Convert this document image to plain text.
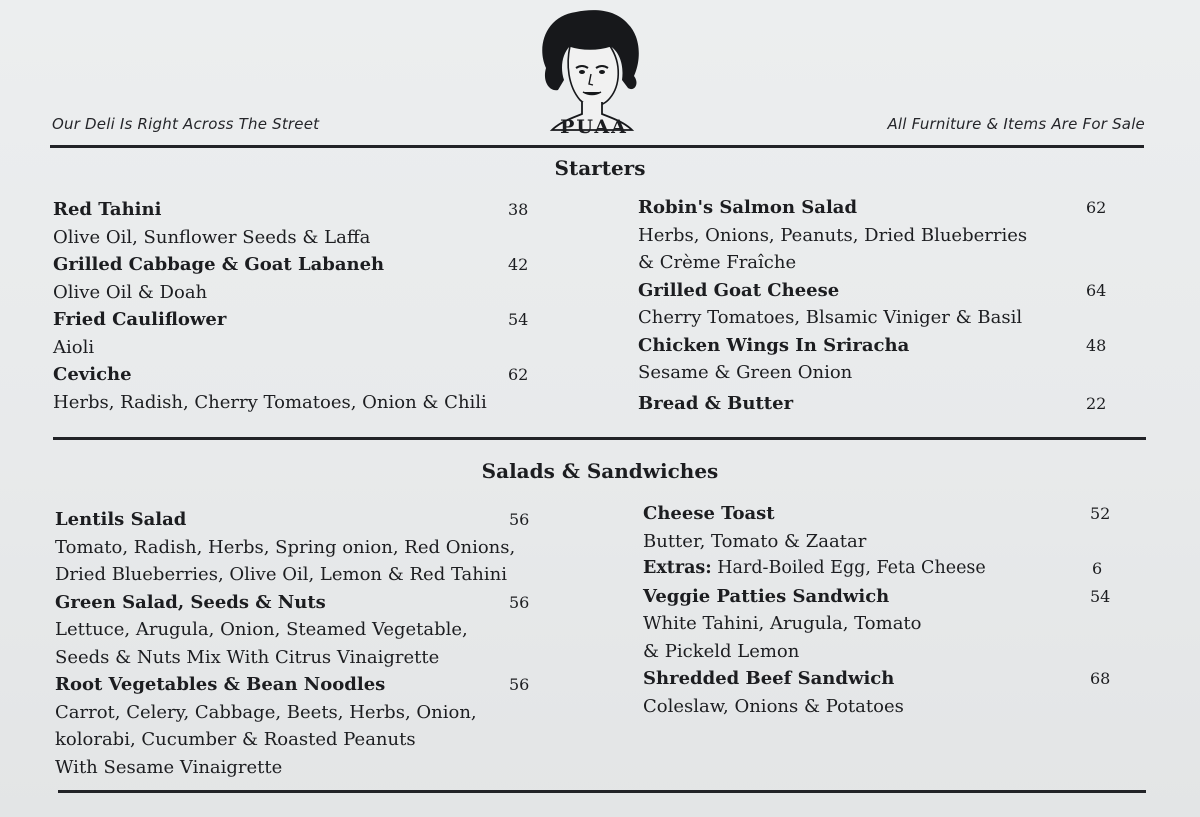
Our Deli Is Right Across The Street	PUAA	All Furniture & Items Are For Sale
Starters
Red Tahini	38
Olive Oil, Sunflower Seeds & Laffa
Grilled Cabbage & Goat Labaneh	42
Olive Oil & Doah
Fried Cauliflower	54
Aioli
Ceviche	62
Herbs, Radish, Cherry Tomatoes, Onion & Chili
Robin's Salmon Salad	62
Herbs, Onions, Peanuts, Dried Blueberries
& Crème Fraîche
Grilled Goat Cheese	64
Cherry Tomatoes, Blsamic Viniger & Basil
Chicken Wings In Sriracha	48
Sesame & Green Onion
Bread & Butter	22
Salads & Sandwiches
Lentils Salad	56
Tomato, Radish, Herbs, Spring onion, Red Onions,
Dried Blueberries, Olive Oil, Lemon & Red Tahini
Green Salad, Seeds & Nuts	56
Lettuce, Arugula, Onion, Steamed Vegetable,
Seeds & Nuts Mix With Citrus Vinaigrette
Root Vegetables & Bean Noodles	56
Carrot, Celery, Cabbage, Beets, Herbs, Onion,
kolorabi, Cucumber & Roasted Peanuts
With Sesame Vinaigrette
Cheese Toast	52
Butter, Tomato & Zaatar
Extras: Hard-Boiled Egg, Feta Cheese	6
Veggie Patties Sandwich	54
White Tahini, Arugula, Tomato
& Pickeld Lemon
Shredded Beef Sandwich	68
Coleslaw, Onions & Potatoes
